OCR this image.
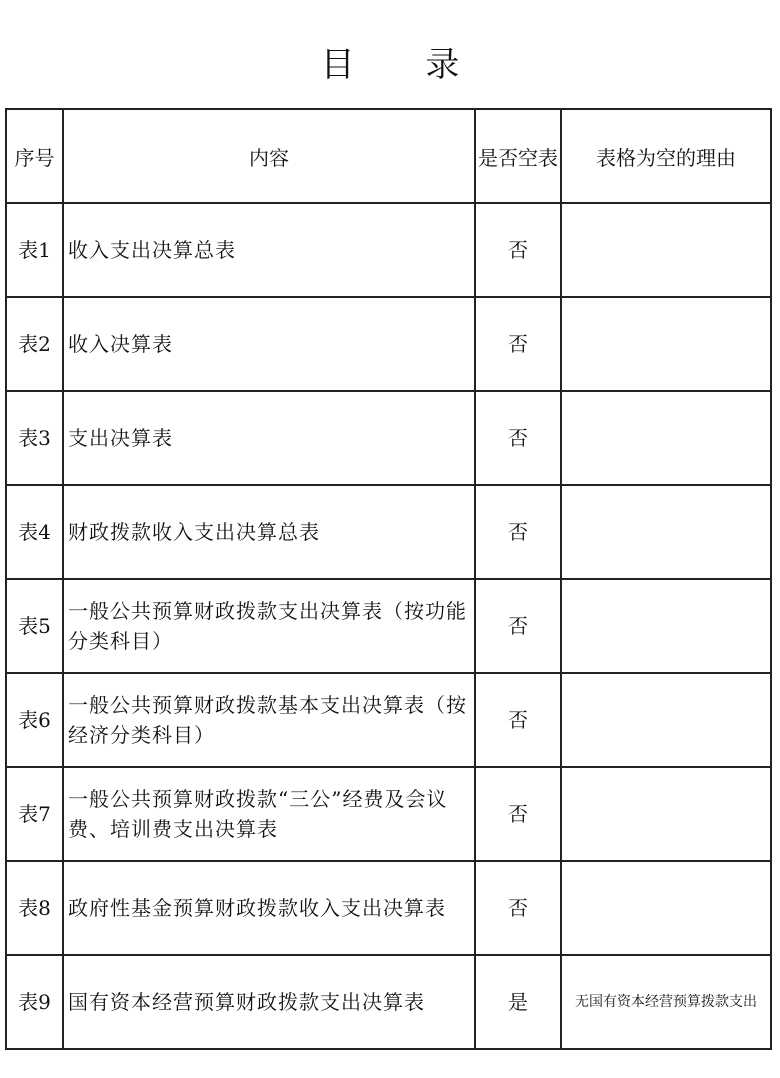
目 录
序号	内容	是否空表	表格为空的理由
表1	收入支出决算总表	否	
表2	收入决算表	否	
表3	支出决算表	否	
表4	财政拨款收入支出决算总表	否	
表5	一般公共预算财政拨款支出决算表（按功能分类科目）	否	
表6	一般公共预算财政拨款基本支出决算表（按经济分类科目）	否	
表7	一般公共预算财政拨款“三公”经费及会议费、培训费支出决算表	否	
表8	政府性基金预算财政拨款收入支出决算表	否	
表9	国有资本经营预算财政拨款支出决算表	是	无国有资本经营预算拨款支出
